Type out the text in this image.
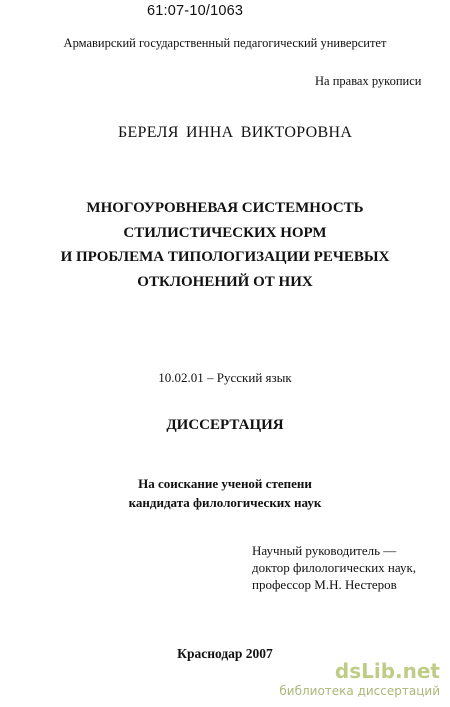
61:07-10/1063
Армавирский государственный педагогический университет
На правах рукописи
БЕРЕЛЯ ИННА ВИКТОРОВНА
МНОГОУРОВНЕВАЯ СИСТЕМНОСТЬ
СТИЛИСТИЧЕСКИХ НОРМ
И ПРОБЛЕМА ТИПОЛОГИЗАЦИИ РЕЧЕВЫХ
ОТКЛОНЕНИЙ ОТ НИХ
10.02.01 – Русский язык
ДИССЕРТАЦИЯ
На соискание ученой степени
кандидата филологических наук
Научный руководитель —
доктор филологических наук,
профессор М.Н. Нестеров
Краснодар 2007
dsLib.net
библиотека диссертаций
